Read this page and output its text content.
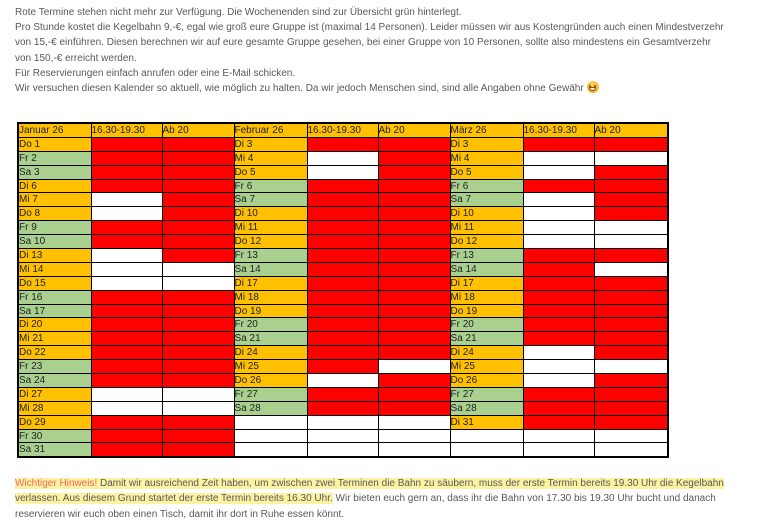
Rote Termine stehen nicht mehr zur Verfügung. Die Wochenenden sind zur Übersicht grün hinterlegt.
Pro Stunde kostet die Kegelbahn 9,-€, egal wie groß eure Gruppe ist (maximal 14 Personen). Leider müssen wir aus Kostengründen auch einen Mindestverzehr
von 15,-€ einführen. Diesen berechnen wir auf eure gesamte Gruppe gesehen, bei einer Gruppe von 10 Personen, sollte also mindestens ein Gesamtverzehr
von 150,-€ erreicht werden.
Für Reservierungen einfach anrufen oder eine E-Mail schicken.
Wir versuchen diesen Kalender so aktuell, wie möglich zu halten. Da wir jedoch Menschen sind, sind alle Angaben ohne Gewähr
Januar 26	16.30-19.30	Ab 20	Februar 26	16.30-19.30	Ab 20	März 26	16.30-19.30	Ab 20
Do 1			Di 3			Di 3		
Fr 2			Mi 4			Mi 4		
Sa 3			Do 5			Do 5		
Di 6			Fr 6			Fr 6		
Mi 7			Sa 7			Sa 7		
Do 8			Di 10			Di 10		
Fr 9			Mi 11			Mi 11		
Sa 10			Do 12			Do 12		
Di 13			Fr 13			Fr 13		
Mi 14			Sa 14			Sa 14		
Do 15			Di 17			Di 17		
Fr 16			Mi 18			Mi 18		
Sa 17			Do 19			Do 19		
Di 20			Fr 20			Fr 20		
Mi 21			Sa 21			Sa 21		
Do 22			Di 24			Di 24		
Fr 23			Mi 25			Mi 25		
Sa 24			Do 26			Do 26		
Di 27			Fr 27			Fr 27		
Mi 28			Sa 28			Sa 28		
Do 29						Di 31		
Fr 30								
Sa 31								
Wichtiger Hinweis! Damit wir ausreichend Zeit haben, um zwischen zwei Terminen die Bahn zu säubern, muss der erste Termin bereits 19.30 Uhr die Kegelbahn verlassen. Aus diesem Grund startet der erste Termin bereits 16.30 Uhr. Wir bieten euch gern an, dass ihr die Bahn von 17.30 bis 19.30 Uhr bucht und danach reservieren wir euch oben einen Tisch, damit ihr dort in Ruhe essen könnt.
